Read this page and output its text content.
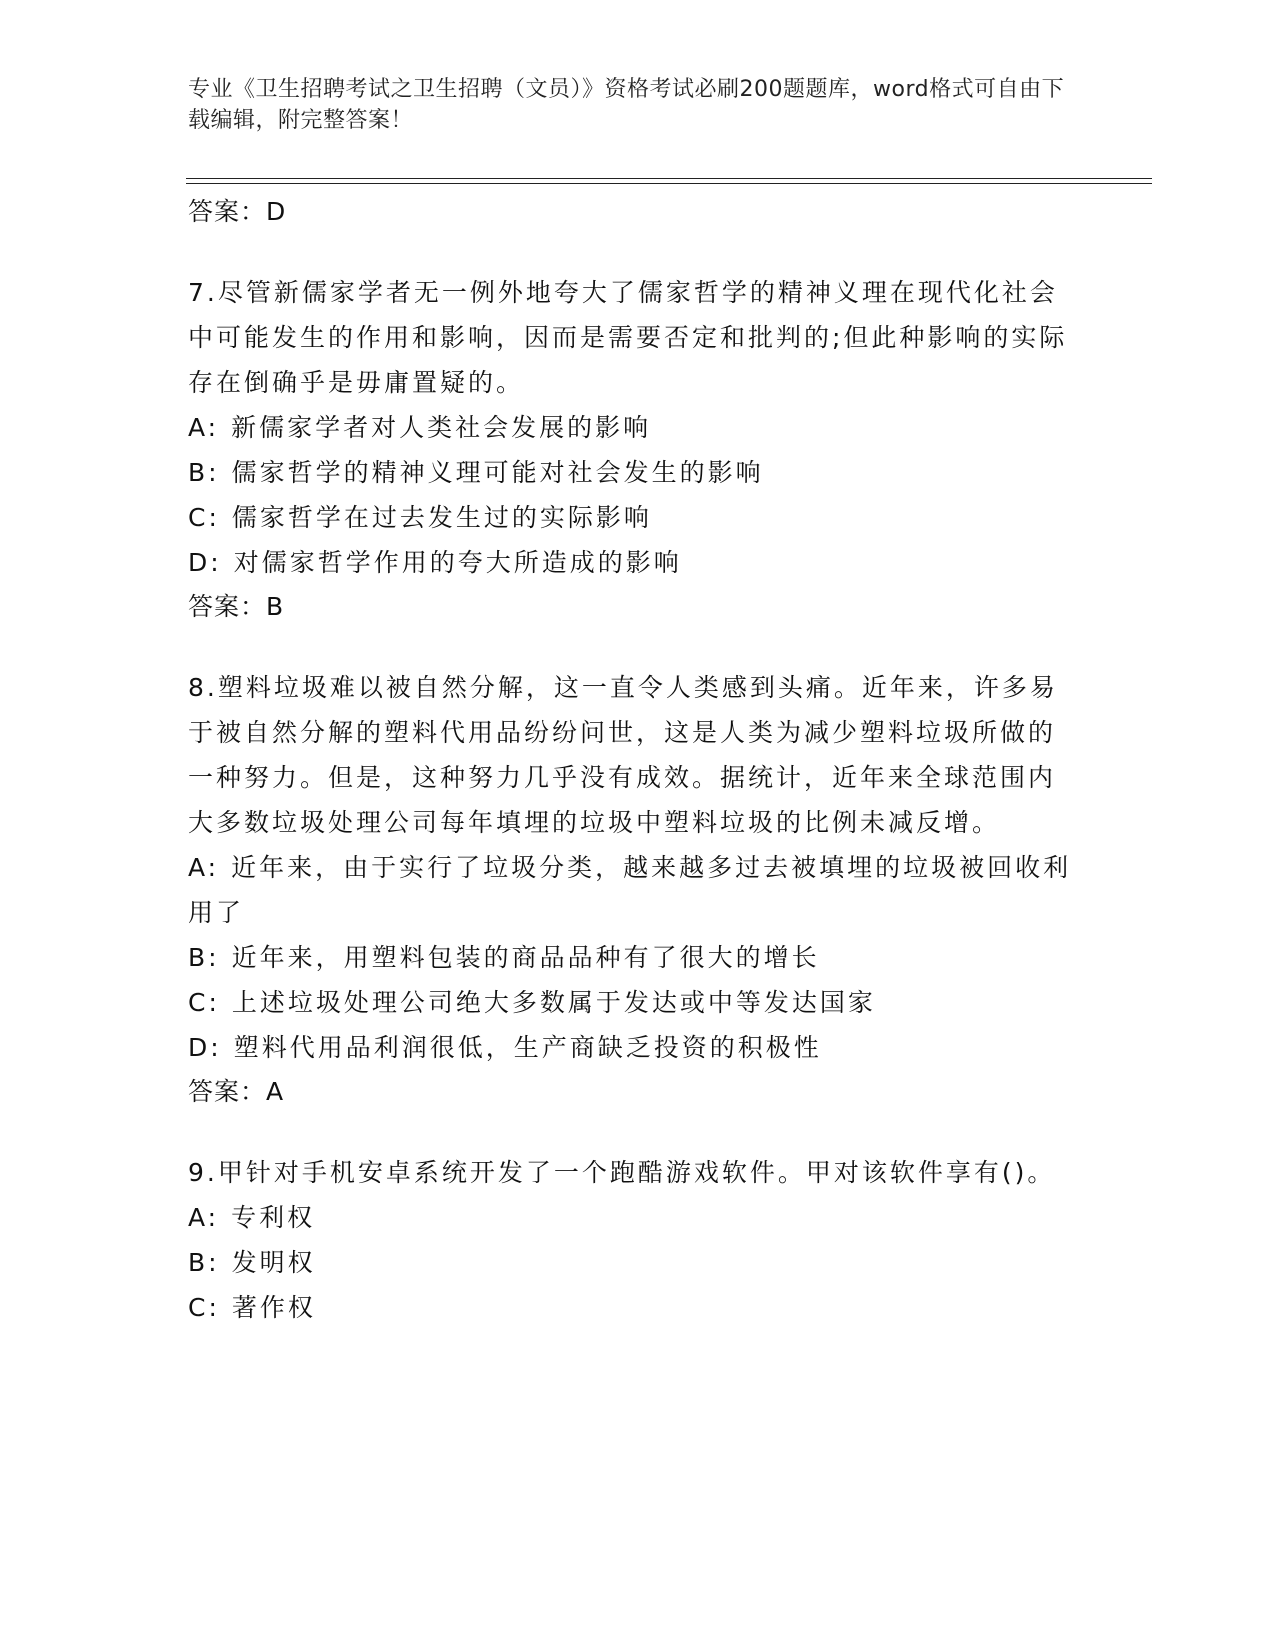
专业《卫生招聘考试之卫生招聘（文员）》资格考试必刷200题题库，word格式可自由下载编辑，附完整答案！
答案：D
7.尽管新儒家学者无一例外地夸大了儒家哲学的精神义理在现代化社会中可能发生的作用和影响，因而是需要否定和批判的;但此种影响的实际存在倒确乎是毋庸置疑的。
A: 新儒家学者对人类社会发展的影响
B: 儒家哲学的精神义理可能对社会发生的影响
C: 儒家哲学在过去发生过的实际影响
D: 对儒家哲学作用的夸大所造成的影响
答案：B
8.塑料垃圾难以被自然分解，这一直令人类感到头痛。近年来，许多易于被自然分解的塑料代用品纷纷问世，这是人类为减少塑料垃圾所做的一种努力。但是，这种努力几乎没有成效。据统计，近年来全球范围内大多数垃圾处理公司每年填埋的垃圾中塑料垃圾的比例未减反增。
A: 近年来，由于实行了垃圾分类，越来越多过去被填埋的垃圾被回收利用了
B: 近年来，用塑料包装的商品品种有了很大的增长
C: 上述垃圾处理公司绝大多数属于发达或中等发达国家
D: 塑料代用品利润很低，生产商缺乏投资的积极性
答案：A
9.甲针对手机安卓系统开发了一个跑酷游戏软件。甲对该软件享有()。
A: 专利权
B: 发明权
C: 著作权
